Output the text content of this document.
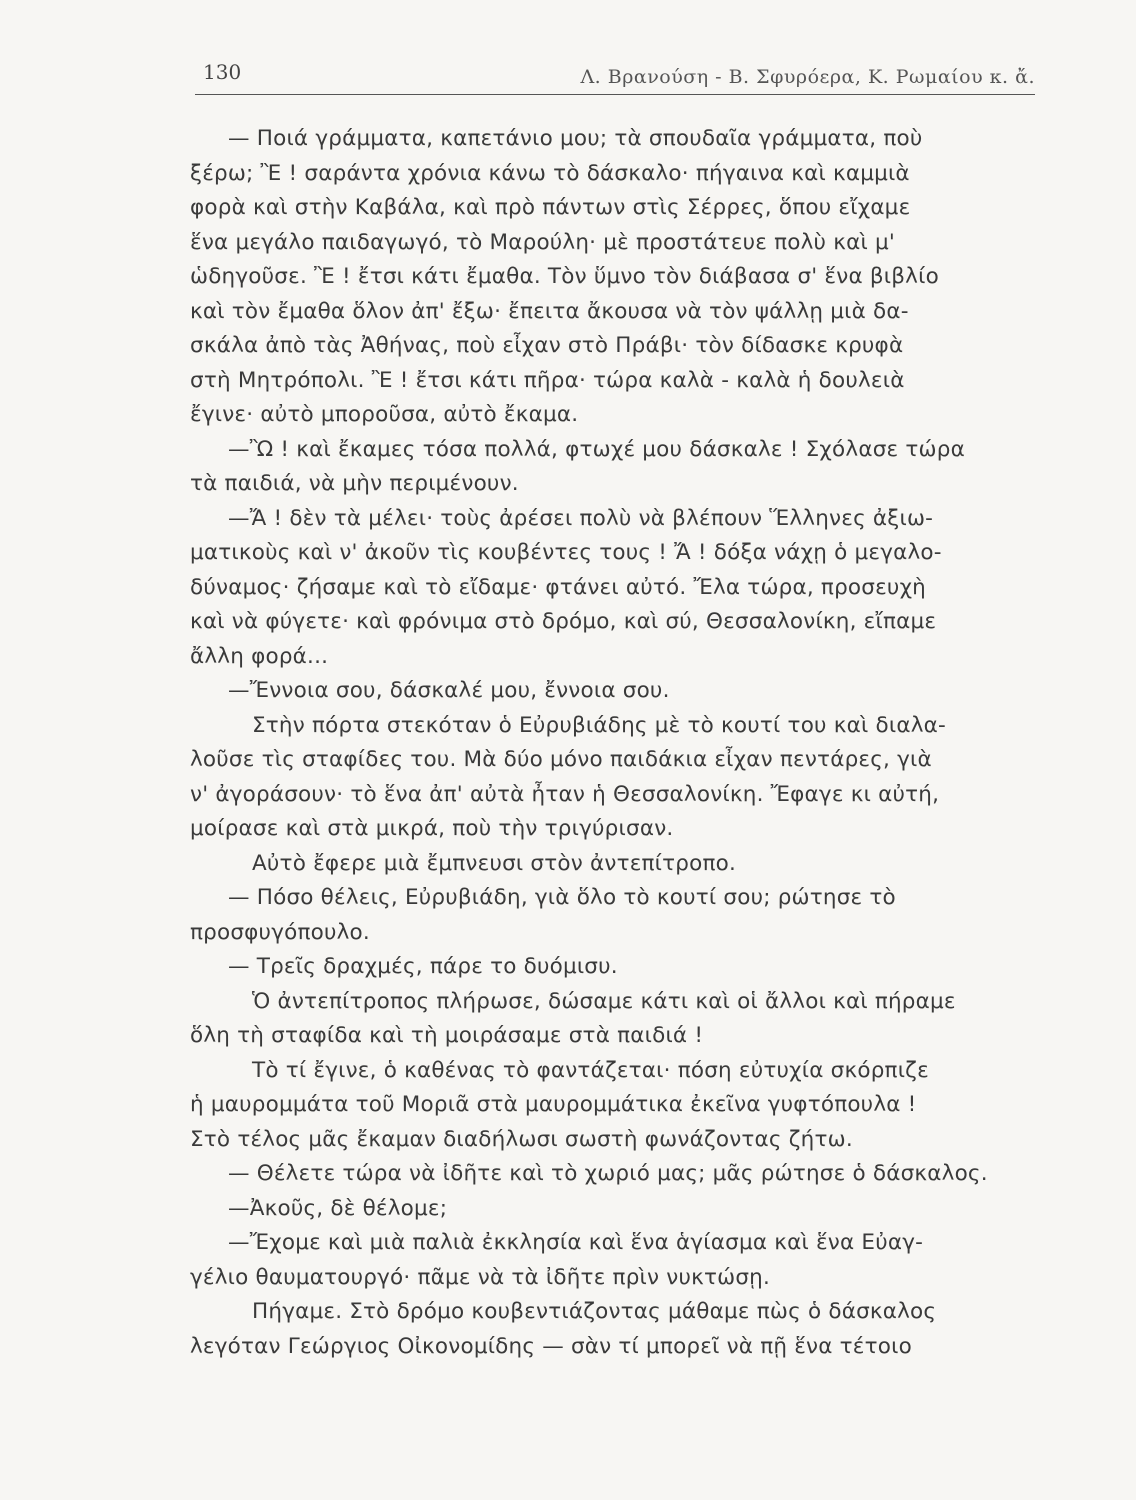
130	Λ. Βρανούση - Β. Σφυρόερα, Κ. Ρωμαίου κ. ἄ.
— Ποιά γράμματα, καπετάνιο μου; τὰ σπουδαῖα γράμματα, ποὺ
ξέρω; Ἒ ! σαράντα χρόνια κάνω τὸ δάσκαλο· πήγαινα καὶ καμμιὰ
φορὰ καὶ στὴν Καβάλα, καὶ πρὸ πάντων στὶς Σέρρες, ὅπου εἴχαμε
ἕνα μεγάλο παιδαγωγό, τὸ Μαρούλη· μὲ προστάτευε πολὺ καὶ μ'
ὡδηγοῦσε. Ἒ ! ἔτσι κάτι ἔμαθα. Τὸν ὕμνο τὸν διάβασα σ' ἕνα βιβλίο
καὶ τὸν ἔμαθα ὅλον ἀπ' ἔξω· ἔπειτα ἄκουσα νὰ τὸν ψάλλῃ μιὰ δα-
σκάλα ἀπὸ τὰς Ἀθήνας, ποὺ εἶχαν στὸ Πράβι· τὸν δίδασκε κρυφὰ
στὴ Μητρόπολι. Ἒ ! ἔτσι κάτι πῆρα· τώρα καλὰ - καλὰ ἡ δουλειὰ
ἔγινε· αὐτὸ μποροῦσα, αὐτὸ ἔκαμα.
—Ὢ ! καὶ ἔκαμες τόσα πολλά, φτωχέ μου δάσκαλε ! Σχόλασε τώρα
τὰ παιδιά, νὰ μὴν περιμένουν.
—Ἄ ! δὲν τὰ μέλει· τοὺς ἀρέσει πολὺ νὰ βλέπουν Ἕλληνες ἀξιω-
ματικοὺς καὶ ν' ἀκοῦν τὶς κουβέντες τους ! Ἄ ! δόξα νάχῃ ὁ μεγαλο-
δύναμος· ζήσαμε καὶ τὸ εἴδαμε· φτάνει αὐτό. Ἔλα τώρα, προσευχὴ
καὶ νὰ φύγετε· καὶ φρόνιμα στὸ δρόμο, καὶ σύ, Θεσσαλονίκη, εἴπαμε
ἄλλη φορά...
—Ἔννοια σου, δάσκαλέ μου, ἔννοια σου.
Στὴν πόρτα στεκόταν ὁ Εὐρυβιάδης μὲ τὸ κουτί του καὶ διαλα-
λοῦσε τὶς σταφίδες του. Μὰ δύο μόνο παιδάκια εἶχαν πεντάρες, γιὰ
ν' ἀγοράσουν· τὸ ἕνα ἀπ' αὐτὰ ἦταν ἡ Θεσσαλονίκη. Ἔφαγε κι αὐτή,
μοίρασε καὶ στὰ μικρά, ποὺ τὴν τριγύρισαν.
Αὐτὸ ἔφερε μιὰ ἔμπνευσι στὸν ἀντεπίτροπο.
— Πόσο θέλεις, Εὐρυβιάδη, γιὰ ὅλο τὸ κουτί σου; ρώτησε τὸ
προσφυγόπουλο.
— Τρεῖς δραχμές, πάρε το δυόμισυ.
Ὁ ἀντεπίτροπος πλήρωσε, δώσαμε κάτι καὶ οἱ ἄλλοι καὶ πήραμε
ὅλη τὴ σταφίδα καὶ τὴ μοιράσαμε στὰ παιδιά !
Τὸ τί ἔγινε, ὁ καθένας τὸ φαντάζεται· πόση εὐτυχία σκόρπιζε
ἡ μαυρομμάτα τοῦ Μοριᾶ στὰ μαυρομμάτικα ἐκεῖνα γυφτόπουλα !
Στὸ τέλος μᾶς ἔκαμαν διαδήλωσι σωστὴ φωνάζοντας ζήτω.
— Θέλετε τώρα νὰ ἰδῆτε καὶ τὸ χωριό μας; μᾶς ρώτησε ὁ δάσκαλος.
—Ἀκοῦς, δὲ θέλομε;
—Ἔχομε καὶ μιὰ παλιὰ ἐκκλησία καὶ ἕνα ἁγίασμα καὶ ἕνα Εὐαγ-
γέλιο θαυματουργό· πᾶμε νὰ τὰ ἰδῆτε πρὶν νυκτώσῃ.
Πήγαμε. Στὸ δρόμο κουβεντιάζοντας μάθαμε πὼς ὁ δάσκαλος
λεγόταν Γεώργιος Οἰκονομίδης — σὰν τί μπορεῖ νὰ πῇ ἕνα τέτοιο
